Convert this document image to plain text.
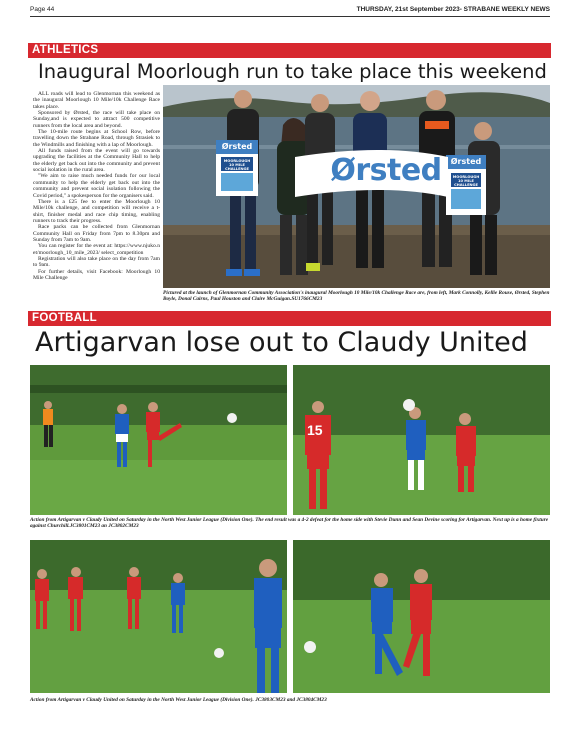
Page 44	THURSDAY, 21st September 2023- STRABANE WEEKLY NEWS
ATHLETICS
Inaugural Moorlough run to take place this weekend

ALL roads will lead to Glenmornan this weekend as the inaugural Moorlough 10 Mile/10k Challenge Race takes place.

Sponsored by Ørsted, the race will take place on Sunday,and is expected to attract 500 competitive runners from the local area and beyond.

The 10-mile route begins at School Row, before travelling down the Strabane Road, through Strasiek to the Windmills and finishing with a lap of Moorlough.

All funds raised from the event will go towards upgrading the facilities at the Community Hall to help the elderly get back out into the community and prevent social isolation in the rural area.

"We aim to raise much needed funds for our local community to help the elderly get back out into the community and prevent social isolation following the Covid period," a spokesperson for the organisers said.

There is a £25 fee to enter the Moorlough 10 Mile/10k challenge, and competition will receive a t-shirt, finisher medal and race chip timing, enabling runners to track their progress.

Race packs can be collected from Glenmornan Community Hall on Friday from 7pm to 8.30pm and Sunday from 7am to 9am.

You can register for the event at: https://www.njuko.net/moorlough_10_mile_2023/ select_competition

Registration will also take place on the day from 7am to 9am.

For further details, visit Facebook: Moorlough 10 Mile Challenge

Ørsted
Ørsted
MOORLOUGH 10 MILE CHALLENGE
Ørsted
MOORLOUGH 10 MILE CHALLENGE
Pictured at the launch of Glenmornan Community Association's inaugural Moorlough 10 Mile/10k Challenge Race are, from left, Mark Connolly, Kellie Rouse, Ørsted, Stephen Boyle, Donal Cairns, Paul Houston and Claire McGuigan.SU1766CM23
FOOTBALL
Artigarvan lose out to Claudy United
15
Action from Artigarvan v Claudy United on Saturday in the North West Junior League (Division One). The end result was a 4-2 defeat for the home side with Stevie Dunn and Sean Devine scoring for Artigarvan. Next up is a home fixture against Churchill.JC3801CM23 an JC3802CM23
Action from Artigarvan v Claudy United on Saturday in the North West Junior League (Division One). JC3803CM23 and JC3804CM23
